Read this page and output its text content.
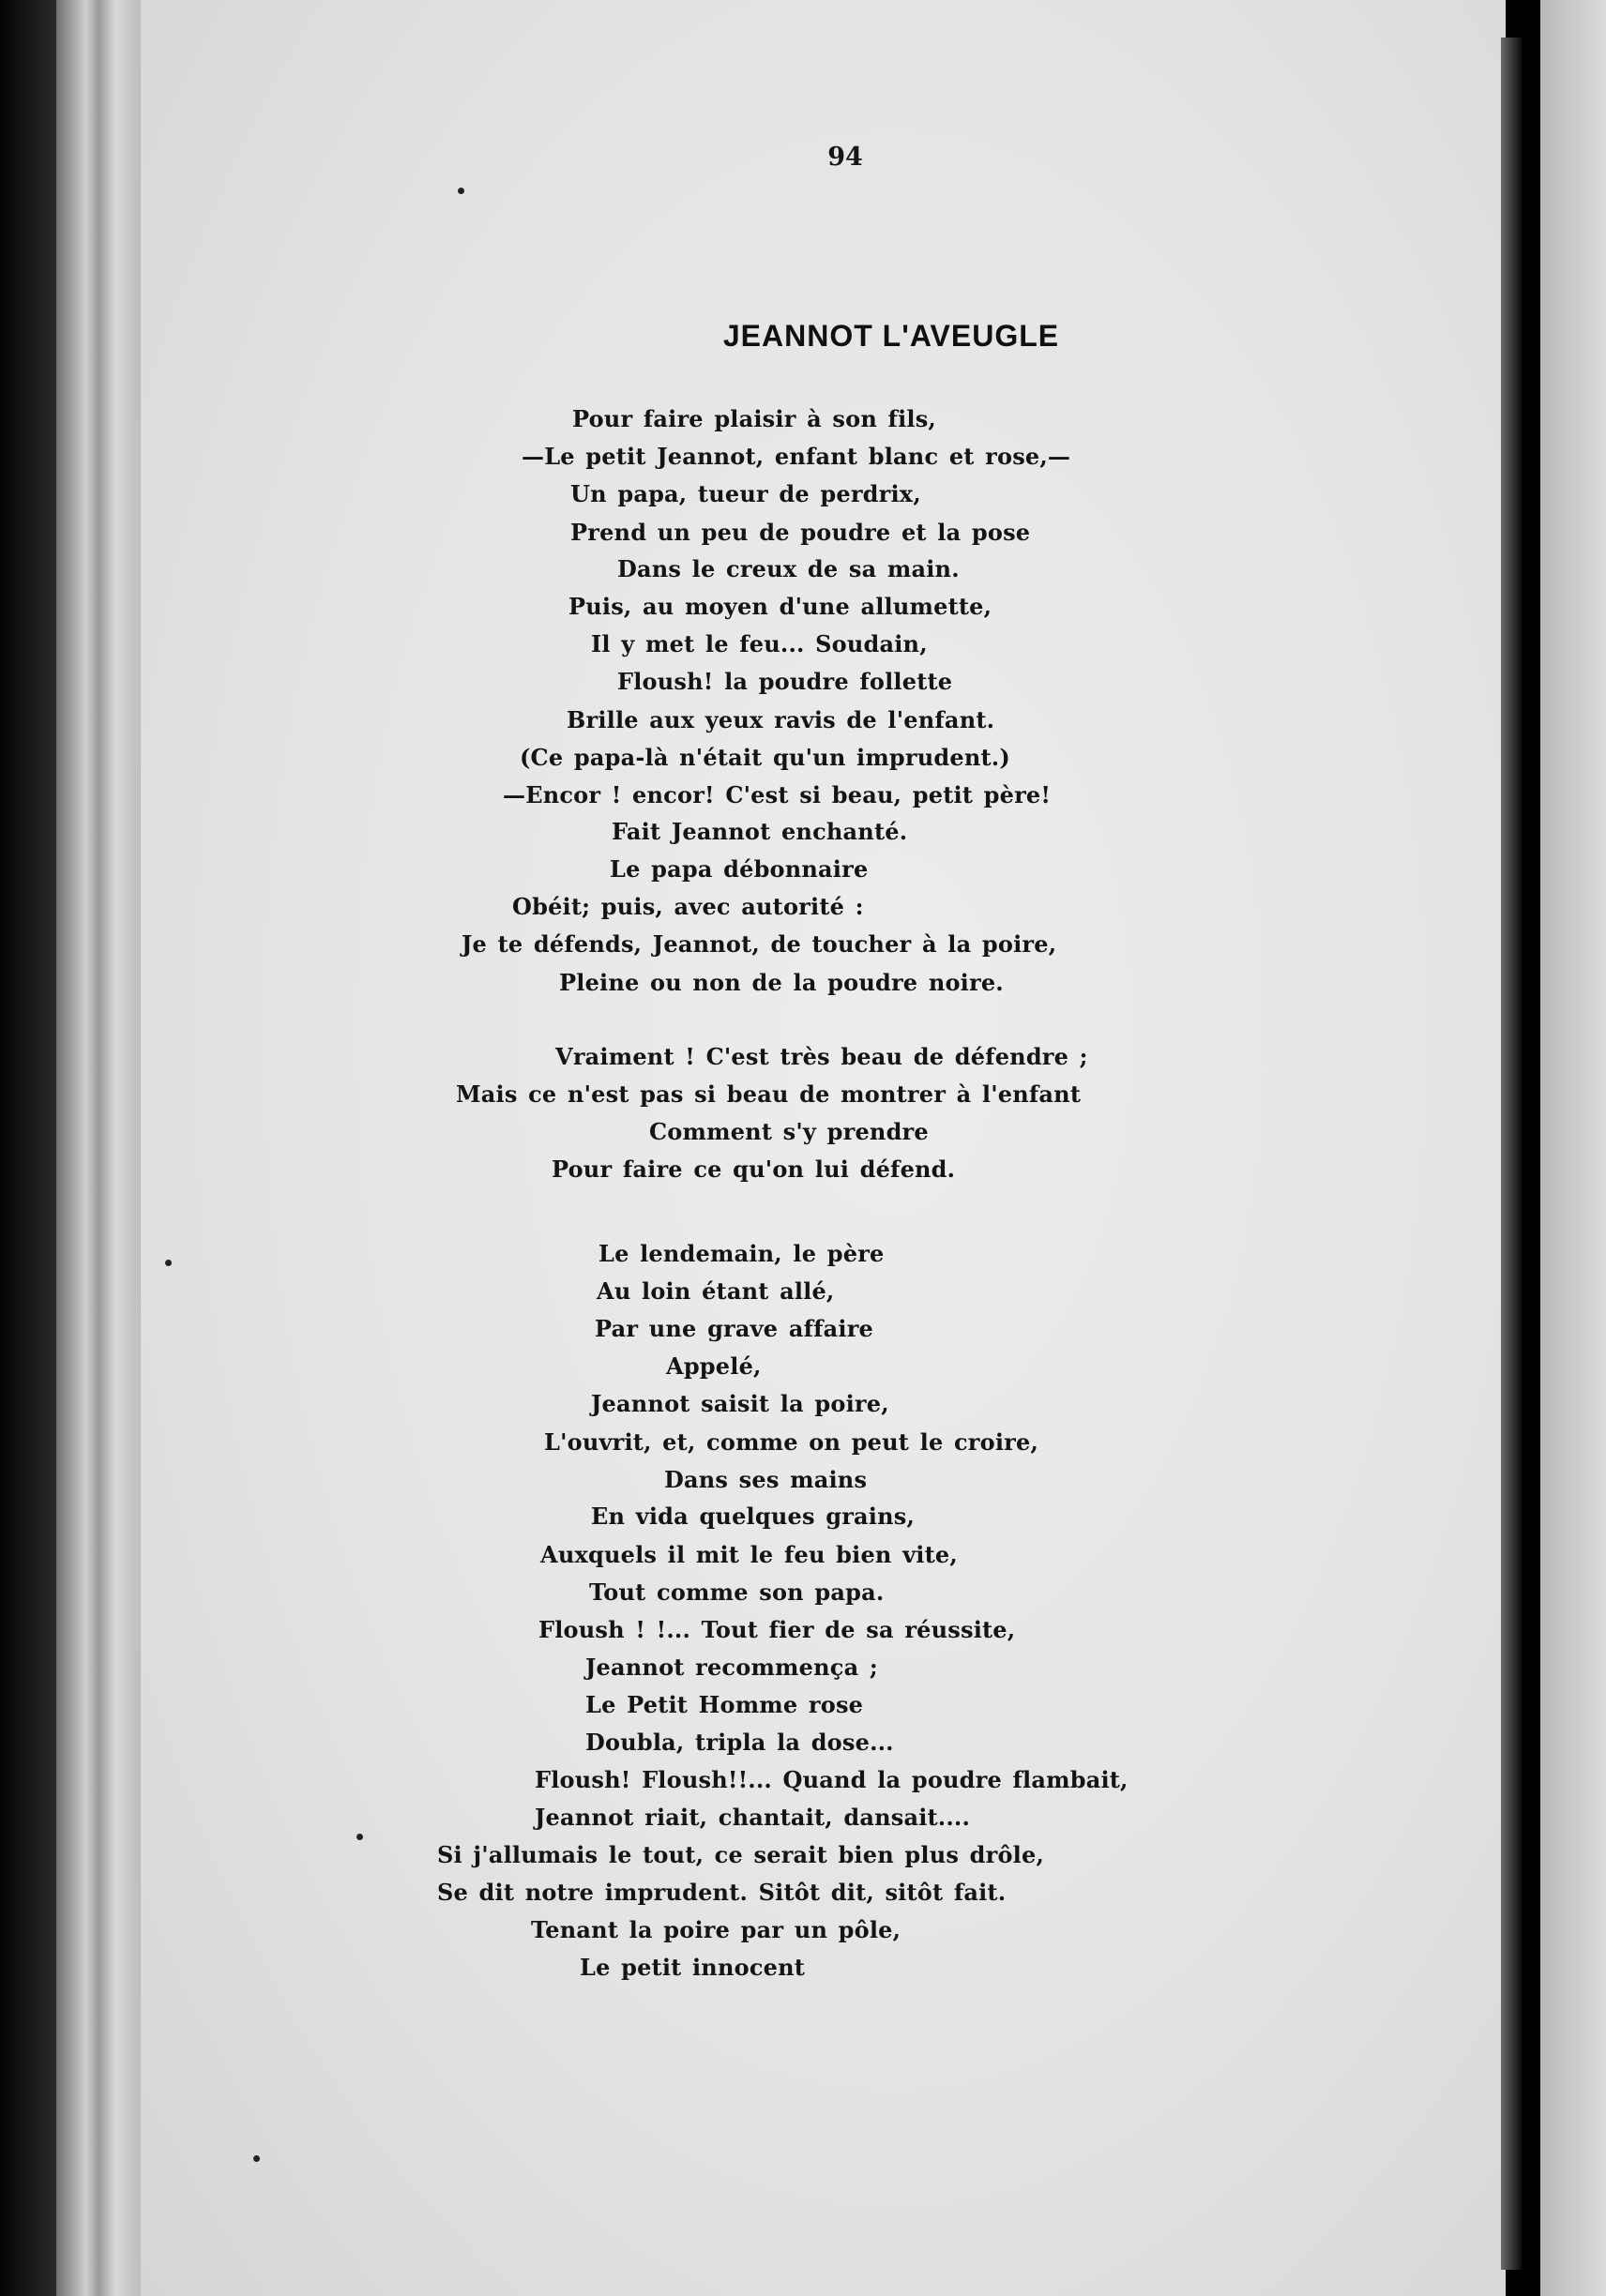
94
JEANNOT L'AVEUGLE
Pour faire plaisir à son fils,
—Le petit Jeannot, enfant blanc et rose,—
Un papa, tueur de perdrix,
Prend un peu de poudre et la pose
Dans le creux de sa main.
Puis, au moyen d'une allumette,
Il y met le feu... Soudain,
Floush! la poudre follette
Brille aux yeux ravis de l'enfant.
(Ce papa-là n'était qu'un imprudent.)
—Encor ! encor! C'est si beau, petit père!
Fait Jeannot enchanté.
Le papa débonnaire
Obéit; puis, avec autorité :
Je te défends, Jeannot, de toucher à la poire,
Pleine ou non de la poudre noire.
Vraiment ! C'est très beau de défendre ;
Mais ce n'est pas si beau de montrer à l'enfant
Comment s'y prendre
Pour faire ce qu'on lui défend.
Le lendemain, le père
Au loin étant allé,
Par une grave affaire
Appelé,
Jeannot saisit la poire,
L'ouvrit, et, comme on peut le croire,
Dans ses mains
En vida quelques grains,
Auxquels il mit le feu bien vite,
Tout comme son papa.
Floush ! !... Tout fier de sa réussite,
Jeannot recommença ;
Le Petit Homme rose
Doubla, tripla la dose...
Floush! Floush!!... Quand la poudre flambait,
Jeannot riait, chantait, dansait....
Si j'allumais le tout, ce serait bien plus drôle,
Se dit notre imprudent. Sitôt dit, sitôt fait.
Tenant la poire par un pôle,
Le petit innocent
